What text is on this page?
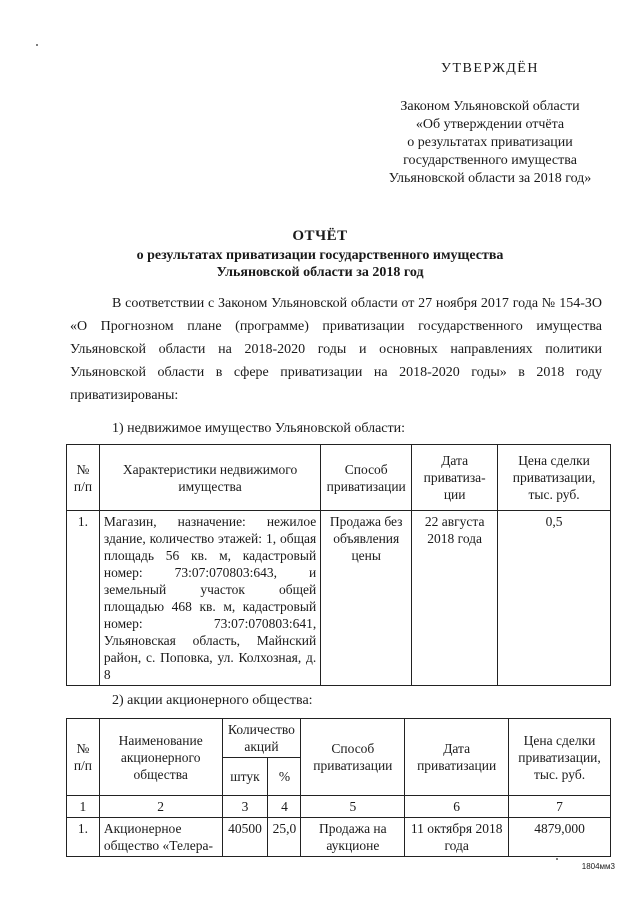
УТВЕРЖДЁН
Законом Ульяновской области
«Об утверждении отчёта
о результатах приватизации
государственного имущества
Ульяновской области за 2018 год»
ОТЧЁТ
о результатах приватизации государственного имущества
Ульяновской области за 2018 год

В соответствии с Законом Ульяновской области от 27 ноября 2017 года № 154-ЗО «О Прогнозном плане (программе) приватизации государственного имущества Ульяновской области на 2018-2020 годы и основных направлениях политики Ульяновской области в сфере приватизации на 2018-2020 годы» в 2018 году приватизированы:

1) недвижимое имущество Ульяновской области:
№ п/п	Характеристики недвижимого имущества	Способ приватизации	Дата приватиза-ции	Цена сделки приватизации, тыс. руб.
1.	Магазин, назначение: нежилое здание, количество этажей: 1, общая площадь 56 кв. м, кадастровый номер: 73:07:070803:643, и земельный участок общей площадью 468 кв. м, кадастровый номер: 73:07:070803:641, Ульяновская область, Майнский район, с. Поповка, ул. Колхозная, д. 8	Продажа без объявления цены	22 августа 2018 года	0,5
2) акции акционерного общества:
№ п/п	Наименование акционерного общества	Количество акций		Способ приватизации	Дата приватизации	Цена сделки приватизации, тыс. руб.
		штук	%			
1	2	3	4	5	6	7
1.	Акционерное общество «Телера-	40500	25,0	Продажа на аукционе	11 октября 2018 года	4879,000
1804мм3
